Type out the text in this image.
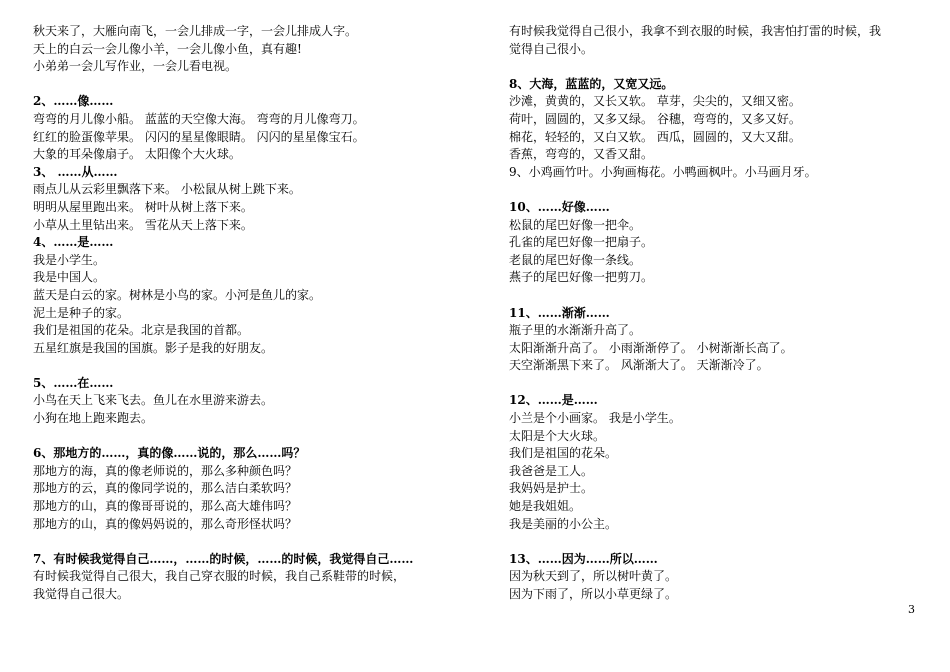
秋天来了，大雁向南飞，一会儿排成一字，一会儿排成人字。
天上的白云一会儿像小羊，一会儿像小鱼，真有趣!
小弟弟一会儿写作业，一会儿看电视。
2、……像……
弯弯的月儿像小船。 蓝蓝的天空像大海。 弯弯的月儿像弯刀。
红红的脸蛋像苹果。 闪闪的星星像眼睛。 闪闪的星星像宝石。
大象的耳朵像扇子。 太阳像个大火球。
3、 ……从……
雨点儿从云彩里飘落下来。 小松鼠从树上跳下来。
明明从屋里跑出来。 树叶从树上落下来。
小草从土里钻出来。 雪花从天上落下来。
4、……是……
我是小学生。
我是中国人。
蓝天是白云的家。树林是小鸟的家。小河是鱼儿的家。
泥土是种子的家。
我们是祖国的花朵。北京是我国的首都。
五星红旗是我国的国旗。影子是我的好朋友。
5、……在……
小鸟在天上飞来飞去。鱼儿在水里游来游去。
小狗在地上跑来跑去。
6、那地方的……，真的像……说的，那么……吗？
那地方的海，真的像老师说的，那么多种颜色吗？
那地方的云，真的像同学说的，那么洁白柔软吗？
那地方的山，真的像哥哥说的，那么高大雄伟吗？
那地方的山，真的像妈妈说的，那么奇形怪状吗？
7、有时候我觉得自己……，……的时候，……的时候，我觉得自己……
有时候我觉得自己很大，我自己穿衣服的时候，我自己系鞋带的时候，
我觉得自己很大。
有时候我觉得自己很小，我拿不到衣服的时候，我害怕打雷的时候，我
觉得自己很小。
8、大海，蓝蓝的，又宽又远。
沙滩，黄黄的，又长又软。 草芽，尖尖的，又细又密。
荷叶，圆圆的，又多又绿。 谷穗，弯弯的，又多又好。
棉花，轻轻的，又白又软。 西瓜，圆圆的，又大又甜。
香蕉，弯弯的，又香又甜。
9、小鸡画竹叶。小狗画梅花。小鸭画枫叶。小马画月牙。
10、……好像……
松鼠的尾巴好像一把伞。
孔雀的尾巴好像一把扇子。
老鼠的尾巴好像一条线。
燕子的尾巴好像一把剪刀。
11、……渐渐……
瓶子里的水渐渐升高了。
太阳渐渐升高了。 小雨渐渐停了。 小树渐渐长高了。
天空渐渐黑下来了。 风渐渐大了。 天渐渐冷了。
12、……是……
小兰是个小画家。 我是小学生。
太阳是个大火球。
我们是祖国的花朵。
我爸爸是工人。
我妈妈是护士。
她是我姐姐。
我是美丽的小公主。
13、……因为……所以……
因为秋天到了，所以树叶黄了。
因为下雨了，所以小草更绿了。
3
